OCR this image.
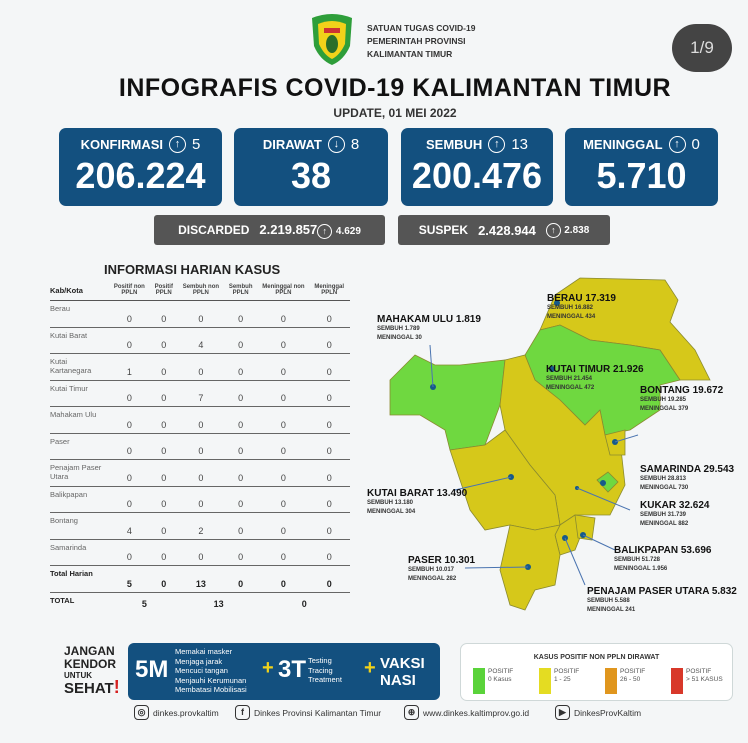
SATUAN TUGAS COVID-19
PEMERINTAH PROVINSI
KALIMANTAN TIMUR	1/9
INFOGRAFIS COVID-19 KALIMANTAN TIMUR
UPDATE, 01 MEI 2022
KONFIRMASI	↑ 5
206.224
DIRAWAT	↓ 8
38
SEMBUH	↑ 13
200.476
MENINGGAL	↑ 0
5.710
DISCARDED 2.219.857 ↑ 4.629	SUSPEK 2.428.944	↑ 2.838
INFORMASI HARIAN KASUS
Kab/Kota	Positif non PPLN	Positif PPLN	Sembuh non PPLN	Sembuh PPLN	Meninggal non PPLN	Meninggal PPLN
Berau	0	0	0	0	0	0
Kutai Barat	0	0	4	0	0	0
Kutai Kartanegara	1	0	0	0	0	0
Kutai Timur	0	0	7	0	0	0
Mahakam Ulu	0	0	0	0	0	0
Paser	0	0	0	0	0	0
Penajam Paser Utara	0	0	0	0	0	0
Balikpapan	0	0	0	0	0	0
Bontang	4	0	2	0	0	0
Samarinda	0	0	0	0	0	0
Total Harian	5	0	13	0	0	0
TOTAL	5		13		0	
BERAU 17.319
SEMBUH 16.882
MENINGGAL 434
MAHAKAM ULU 1.819
SEMBUH 1.789
MENINGGAL 30
KUTAI TIMUR 21.926
SEMBUH 21.454
MENINGGAL 472	BONTANG 19.672
SEMBUH 19.285
MENINGGAL 379
SAMARINDA 29.543
SEMBUH 28.813
MENINGGAL 730
KUTAI BARAT 13.490
SEMBUH 13.180
MENINGGAL 304
KUKAR 32.624
SEMBUH 31.739
MENINGGAL 882
BALIKPAPAN 53.696
SEMBUH 51.728
MENINGGAL 1.956
PASER 10.301
SEMBUH 10.017
MENINGGAL 282
PENAJAM PASER UTARA 5.832
SEMBUH 5.588
MENINGGAL 241
JANGAN
KENDOR
UNTUK
SEHAT!
5M
Memakai masker
Menjaga jarak
Mencuci tangan
Menjauhi Kerumunan
Membatasi Mobilisasi
+ 3T Testing
Tracing
Treatment
+ VAKSI
NASI
KASUS POSITIF NON PPLN DIRAWAT
POSITIF
0 Kasus
POSITIF
1 - 25
POSITIF
26 - 50
POSITIF
> 51 KASUS
◎ dinkes.provkaltim	f	Dinkes Provinsi Kalimantan Timur	⊕ www.dinkes.kaltimprov.go.id	▶ DinkesProvKaltim
